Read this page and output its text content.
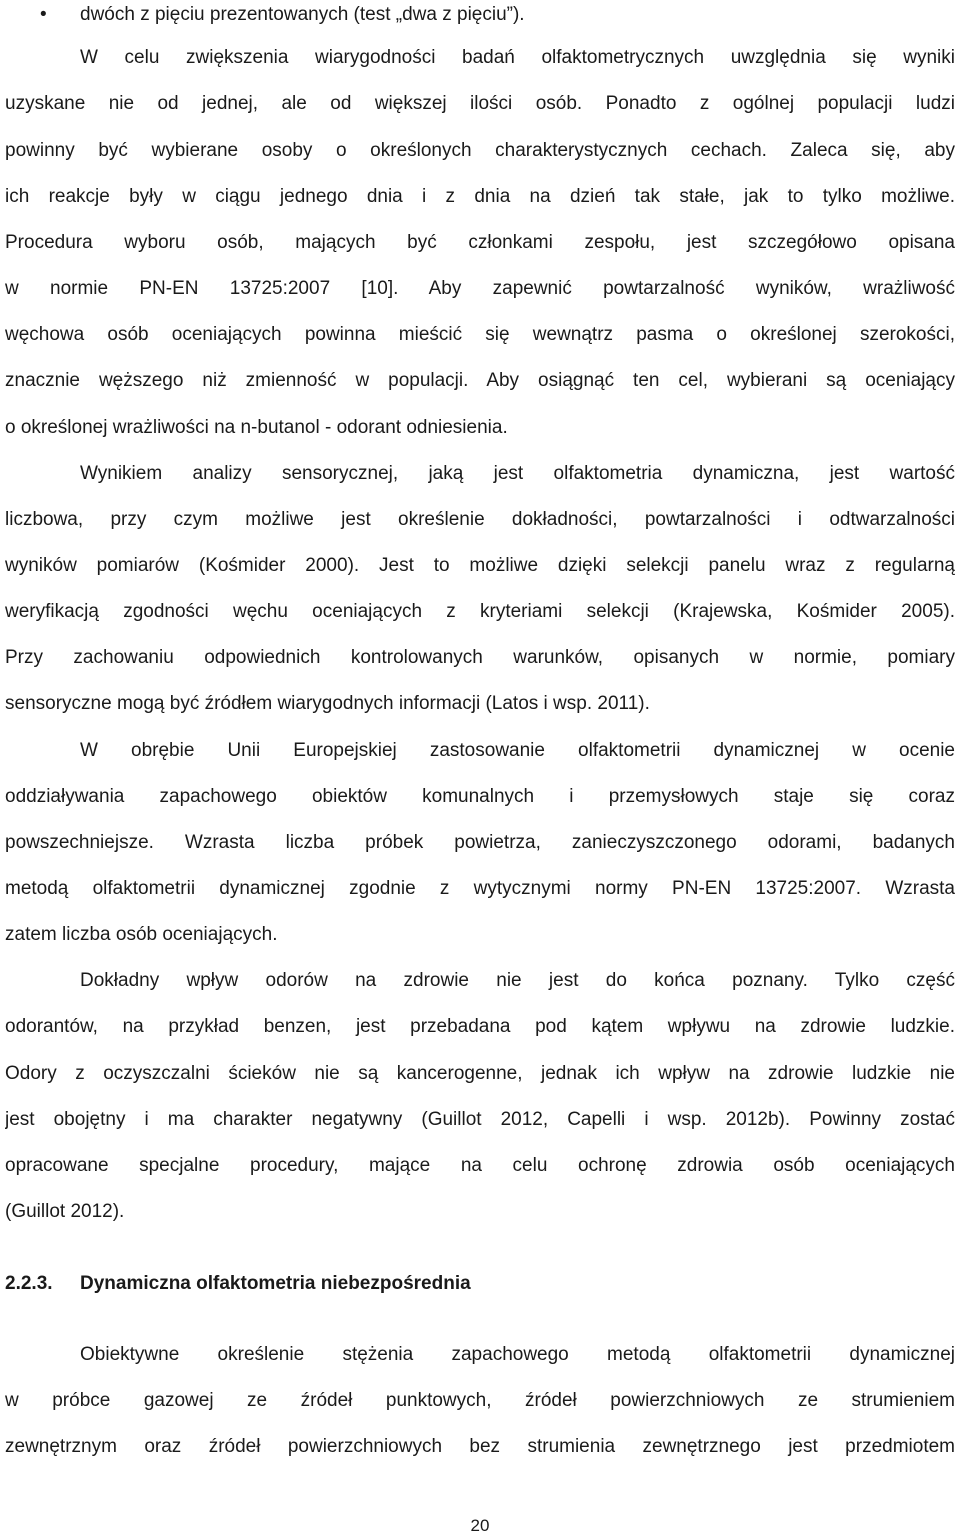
•	dwóch z pięciu prezentowanych (test „dwa z pięciu”).
W celu zwiększenia wiarygodności badań olfaktometrycznych uwzględnia się wyniki
uzyskane nie od jednej, ale od większej ilości osób. Ponadto z ogólnej populacji ludzi
powinny być wybierane osoby o określonych charakterystycznych cechach. Zaleca się, aby
ich reakcje były w ciągu jednego dnia i z dnia na dzień tak stałe, jak to tylko możliwe.
Procedura wyboru osób, mających być członkami zespołu, jest szczegółowo opisana
w normie PN-EN 13725:2007 [10]. Aby zapewnić powtarzalność wyników, wrażliwość
węchowa osób oceniających powinna mieścić się wewnątrz pasma o określonej szerokości,
znacznie węższego niż zmienność w populacji. Aby osiągnąć ten cel, wybierani są oceniający
o określonej wrażliwości na n-butanol - odorant odniesienia.
Wynikiem analizy sensorycznej, jaką jest olfaktometria dynamiczna, jest wartość
liczbowa, przy czym możliwe jest określenie dokładności, powtarzalności i odtwarzalności
wyników pomiarów (Kośmider 2000). Jest to możliwe dzięki selekcji panelu wraz z regularną
weryfikacją zgodności węchu oceniających z kryteriami selekcji (Krajewska, Kośmider 2005).
Przy zachowaniu odpowiednich kontrolowanych warunków, opisanych w normie, pomiary
sensoryczne mogą być źródłem wiarygodnych informacji (Latos i wsp. 2011).
W obrębie Unii Europejskiej zastosowanie olfaktometrii dynamicznej w ocenie
oddziaływania zapachowego obiektów komunalnych i przemysłowych staje się coraz
powszechniejsze. Wzrasta liczba próbek powietrza, zanieczyszczonego odorami, badanych
metodą olfaktometrii dynamicznej zgodnie z wytycznymi normy PN-EN 13725:2007. Wzrasta
zatem liczba osób oceniających.
Dokładny wpływ odorów na zdrowie nie jest do końca poznany. Tylko część
odorantów, na przykład benzen, jest przebadana pod kątem wpływu na zdrowie ludzkie.
Odory z oczyszczalni ścieków nie są kancerogenne, jednak ich wpływ na zdrowie ludzkie nie
jest obojętny i ma charakter negatywny (Guillot 2012, Capelli i wsp. 2012b). Powinny zostać
opracowane specjalne procedury, mające na celu ochronę zdrowia osób oceniających
(Guillot 2012).
2.2.3. Dynamiczna olfaktometria niebezpośrednia
Obiektywne określenie stężenia zapachowego metodą olfaktometrii dynamicznej
w próbce gazowej ze źródeł punktowych, źródeł powierzchniowych ze strumieniem
zewnętrznym oraz źródeł powierzchniowych bez strumienia zewnętrznego jest przedmiotem
20
